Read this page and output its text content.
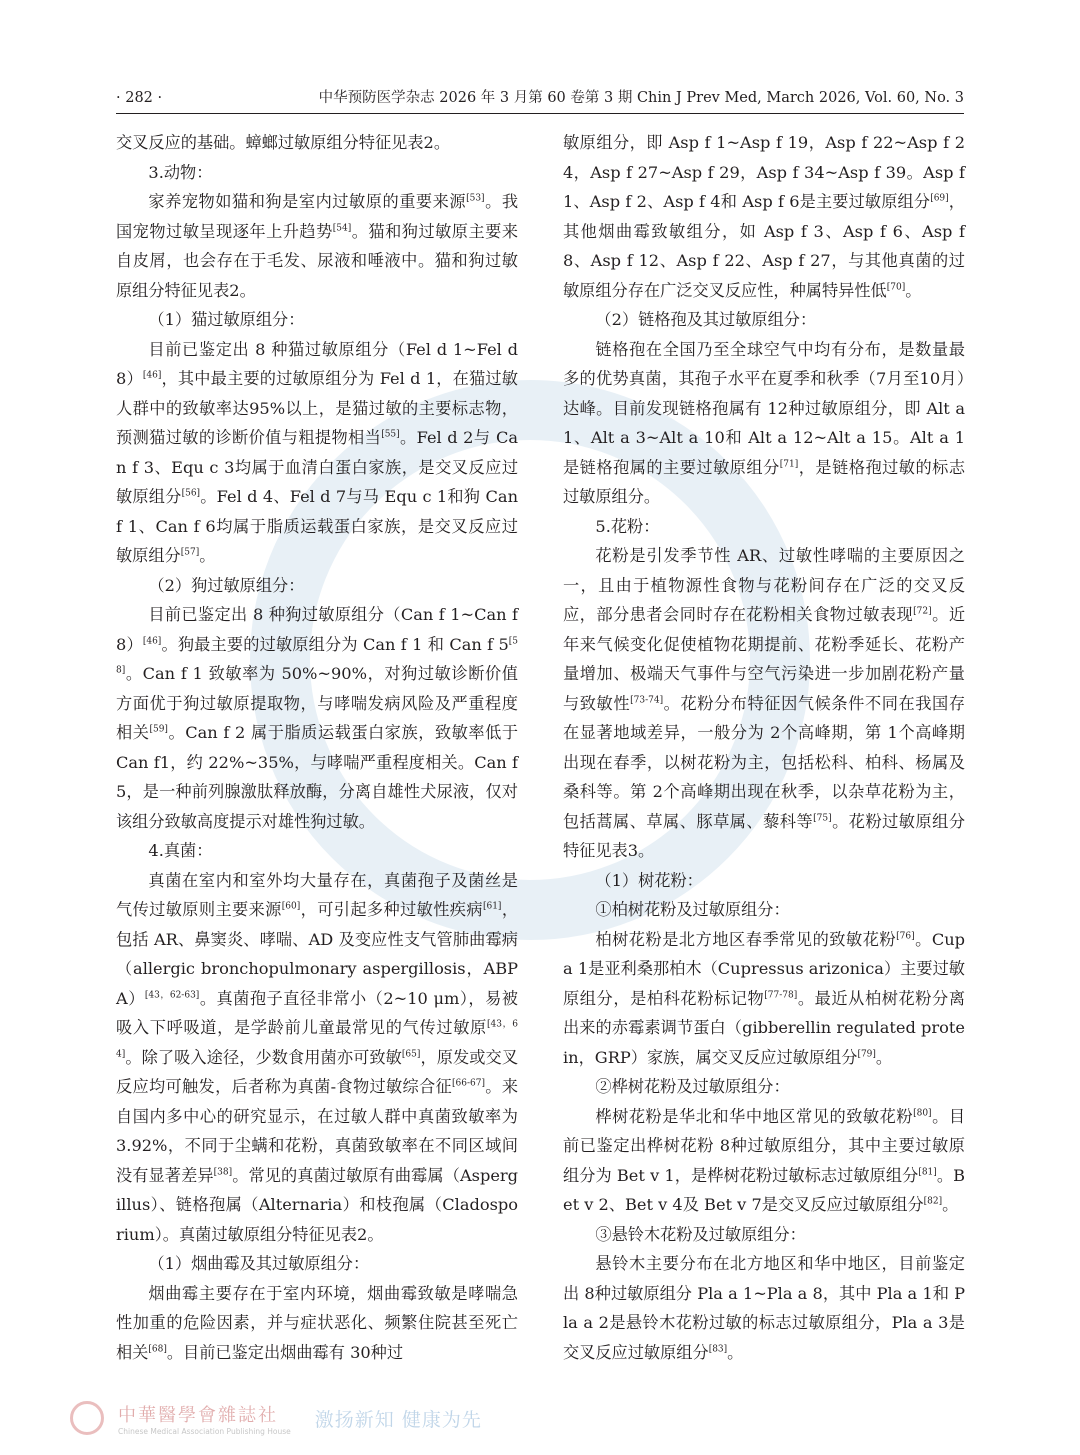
· 282 ·	中华预防医学杂志 2026 年 3 月第 60 卷第 3 期 Chin J Prev Med, March 2026, Vol. 60, No. 3

交叉反应的基础。蟑螂过敏原组分特征见表2。

3.动物：

家养宠物如猫和狗是室内过敏原的重要来源[53]。我国宠物过敏呈现逐年上升趋势[54]。猫和狗过敏原主要来自皮屑，也会存在于毛发、尿液和唾液中。猫和狗过敏原组分特征见表2。

（1）猫过敏原组分：

目前已鉴定出 8 种猫过敏原组分（Fel d 1~Fel d 8）[46]，其中最主要的过敏原组分为 Fel d 1，在猫过敏人群中的致敏率达95%以上，是猫过敏的主要标志物，预测猫过敏的诊断价值与粗提物相当[55]。Fel d 2与 Can f 3、Equ c 3均属于血清白蛋白家族，是交叉反应过敏原组分[56]。Fel d 4、Fel d 7与马 Equ c 1和狗 Can f 1、Can f 6均属于脂质运载蛋白家族，是交叉反应过敏原组分[57]。

（2）狗过敏原组分：

目前已鉴定出 8 种狗过敏原组分（Can f 1~Can f 8）[46]。狗最主要的过敏原组分为 Can f 1 和 Can f 5[58]。Can f 1 致敏率为 50%~90%，对狗过敏诊断价值方面优于狗过敏原提取物，与哮喘发病风险及严重程度相关[59]。Can f 2 属于脂质运载蛋白家族，致敏率低于 Can f1，约 22%~35%，与哮喘严重程度相关。Can f 5，是一种前列腺激肽释放酶，分离自雄性犬尿液，仅对该组分致敏高度提示对雄性狗过敏。

4.真菌：

真菌在室内和室外均大量存在，真菌孢子及菌丝是气传过敏原则主要来源[60]，可引起多种过敏性疾病[61]，包括 AR、鼻窦炎、哮喘、AD 及变应性支气管肺曲霉病（allergic bronchopulmonary aspergillosis，ABPA）[43，62-63]。真菌孢子直径非常小（2~10 μm），易被吸入下呼吸道，是学龄前儿童最常见的气传过敏原[43，64]。除了吸入途径，少数食用菌亦可致敏[65]，原发或交叉反应均可触发，后者称为真菌-食物过敏综合征[66-67]。来自国内多中心的研究显示，在过敏人群中真菌致敏率为 3.92%，不同于尘螨和花粉，真菌致敏率在不同区域间没有显著差异[38]。常见的真菌过敏原有曲霉属（Aspergillus）、链格孢属（Alternaria）和枝孢属（Cladosporium）。真菌过敏原组分特征见表2。

（1）烟曲霉及其过敏原组分：

烟曲霉主要存在于室内环境，烟曲霉致敏是哮喘急性加重的危险因素，并与症状恶化、频繁住院甚至死亡相关[68]。目前已鉴定出烟曲霉有 30种过

敏原组分，即 Asp f 1~Asp f 19，Asp f 22~Asp f 24，Asp f 27~Asp f 29，Asp f 34~Asp f 39。Asp f 1、Asp f 2、Asp f 4和 Asp f 6是主要过敏原组分[69]，其他烟曲霉致敏组分，如 Asp f 3、Asp f 6、Asp f 8、Asp f 12、Asp f 22、Asp f 27，与其他真菌的过敏原组分存在广泛交叉反应性，种属特异性低[70]。

（2）链格孢及其过敏原组分：

链格孢在全国乃至全球空气中均有分布，是数量最多的优势真菌，其孢子水平在夏季和秋季（7月至10月）达峰。目前发现链格孢属有 12种过敏原组分，即 Alt a 1、Alt a 3~Alt a 10和 Alt a 12~Alt a 15。Alt a 1是链格孢属的主要过敏原组分[71]，是链格孢过敏的标志过敏原组分。

5.花粉：

花粉是引发季节性 AR、过敏性哮喘的主要原因之一，且由于植物源性食物与花粉间存在广泛的交叉反应，部分患者会同时存在花粉相关食物过敏表现[72]。近年来气候变化促使植物花期提前、花粉季延长、花粉产量增加、极端天气事件与空气污染进一步加剧花粉产量与致敏性[73-74]。花粉分布特征因气候条件不同在我国存在显著地域差异，一般分为 2个高峰期，第 1个高峰期出现在春季，以树花粉为主，包括松科、柏科、杨属及桑科等。第 2个高峰期出现在秋季，以杂草花粉为主，包括蒿属、草属、豚草属、藜科等[75]。花粉过敏原组分特征见表3。

（1）树花粉：

①柏树花粉及过敏原组分：

柏树花粉是北方地区春季常见的致敏花粉[76]。Cup a 1是亚利桑那柏木（Cupressus arizonica）主要过敏原组分，是柏科花粉标记物[77-78]。最近从柏树花粉分离出来的赤霉素调节蛋白（gibberellin regulated protein，GRP）家族，属交叉反应过敏原组分[79]。

②桦树花粉及过敏原组分：

桦树花粉是华北和华中地区常见的致敏花粉[80]。目前已鉴定出桦树花粉 8种过敏原组分，其中主要过敏原组分为 Bet v 1，是桦树花粉过敏标志过敏原组分[81]。Bet v 2、Bet v 4及 Bet v 7是交叉反应过敏原组分[82]。

③悬铃木花粉及过敏原组分：

悬铃木主要分布在北方地区和华中地区，目前鉴定出 8种过敏原组分 Pla a 1~Pla a 8，其中 Pla a 1和 Pla a 2是悬铃木花粉过敏的标志过敏原组分，Pla a 3是交叉反应过敏原组分[83]。

中華醫學會雜誌社
Chinese Medical Association Publishing House
激扬新知 健康为先
